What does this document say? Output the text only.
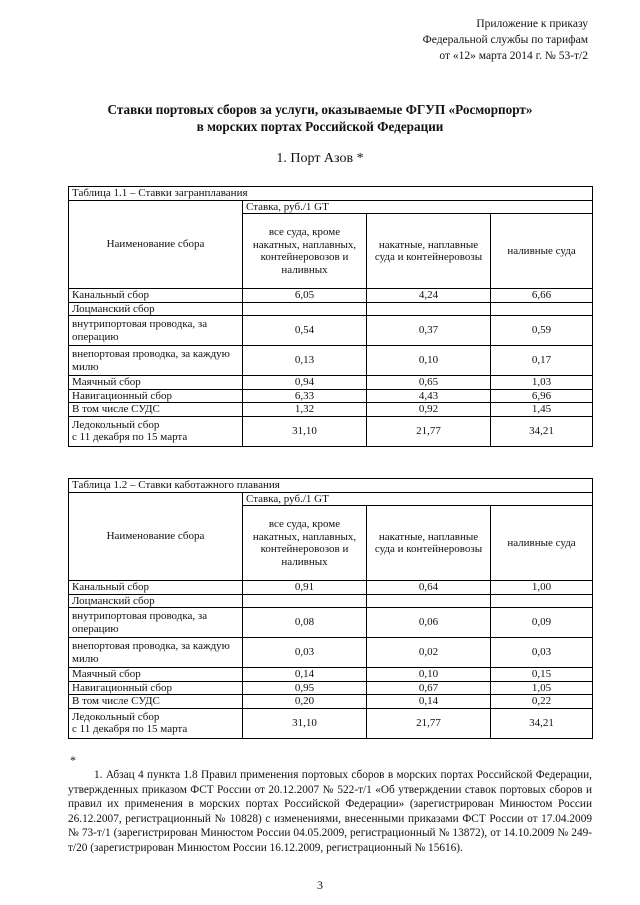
Приложение к приказу
Федеральной службы по тарифам
от «12» марта 2014 г. № 53-т/2
Ставки портовых сборов за услуги, оказываемые ФГУП «Росморпорт»
в морских портах Российской Федерации
1. Порт Азов *
Таблица 1.1 – Ставки загранплавания			
Наименование сбора	Ставка, руб./1 GT		
	все суда, кроме накатных, наплавных, контейнеровозов и наливных	накатные, наплавные суда и контейнеровозы	наливные суда
Канальный сбор	6,05	4,24	6,66
Лоцманский сбор			
внутрипортовая проводка, за операцию	0,54	0,37	0,59
внепортовая проводка, за каждую милю	0,13	0,10	0,17
Маячный сбор	0,94	0,65	1,03
Навигационный сбор	6,33	4,43	6,96
В том числе СУДС	1,32	0,92	1,45
Ледокольный сбор
с 11 декабря по 15 марта	31,10	21,77	34,21
Таблица 1.2 – Ставки каботажного плавания			
Наименование сбора	Ставка, руб./1 GT		
	все суда, кроме накатных, наплавных, контейнеровозов и наливных	накатные, наплавные суда и контейнеровозы	наливные суда
Канальный сбор	0,91	0,64	1,00
Лоцманский сбор			
внутрипортовая проводка, за операцию	0,08	0,06	0,09
внепортовая проводка, за каждую милю	0,03	0,02	0,03
Маячный сбор	0,14	0,10	0,15
Навигационный сбор	0,95	0,67	1,05
В том числе СУДС	0,20	0,14	0,22
Ледокольный сбор
с 11 декабря по 15 марта	31,10	21,77	34,21
*

1. Абзац 4 пункта 1.8 Правил применения портовых сборов в морских портах Российской Федерации, утвержденных приказом ФСТ России от 20.12.2007 № 522-т/1 «Об утверждении ставок портовых сборов и правил их применения в морских портах Российской Федерации» (зарегистрирован Минюстом России 26.12.2007, регистрационный № 10828) с изменениями, внесенными приказами ФСТ России от 17.04.2009 № 73-т/1 (зарегистрирован Минюстом России 04.05.2009, регистрационный № 13872), от 14.10.2009 № 249-т/20 (зарегистрирован Минюстом России 16.12.2009, регистрационный № 15616).

3
